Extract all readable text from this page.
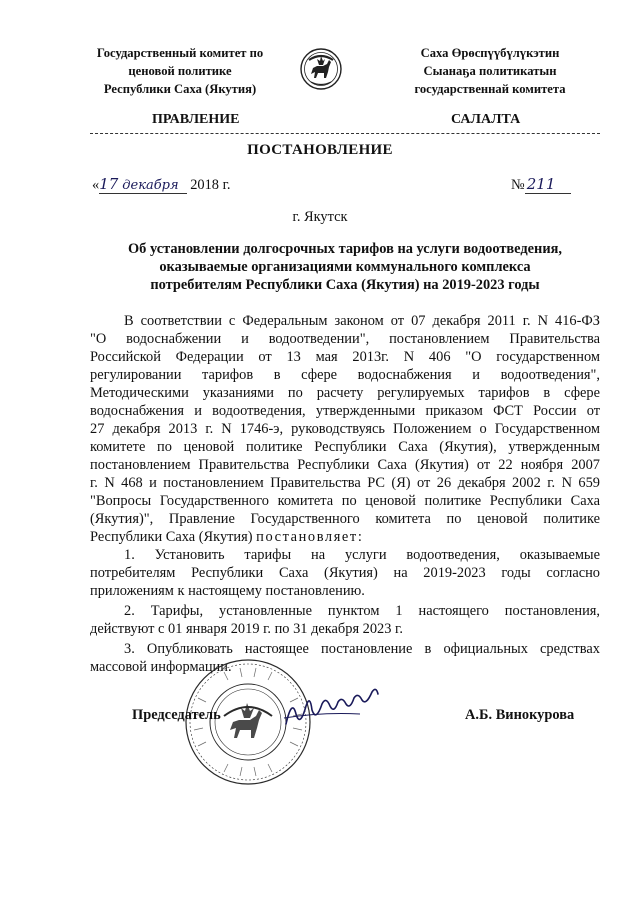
Государственный комитет по
ценовой политике
Республики Саха (Якутия)
Саха Өрөспүүбүлүкэтин
Сыанаҕа политикатын
государственнай комитета
ПРАВЛЕНИЕ	САЛАЛТА
ПОСТАНОВЛЕНИЕ
«17 декабря 2018 г.	№ 211
г. Якутск
Об установлении долгосрочных тарифов на услуги водоотведения,
оказываемые организациями коммунального комплекса
потребителям Республики Саха (Якутия) на 2019-2023 годы
В соответствии с Федеральным законом от 07 декабря 2011 г. N 416-ФЗ
"О водоснабжении и водоотведении", постановлением Правительства
Российской Федерации от 13 мая 2013г. N 406 "О государственном
регулировании тарифов в сфере водоснабжения и водоотведения",
Методическими указаниями по расчету регулируемых тарифов в сфере
водоснабжения и водоотведения, утвержденными приказом ФСТ России от
27 декабря 2013 г. N 1746-э, руководствуясь Положением о Государственном
комитете по ценовой политике Республики Саха (Якутия), утвержденным
постановлением Правительства Республики Саха (Якутия) от 22 ноября 2007
г. N 468 и постановлением Правительства РС (Я) от 26 декабря 2002 г. N 659
"Вопросы Государственного комитета по ценовой политике Республики Саха
(Якутия)", Правление Государственного комитета по ценовой политике
Республики Саха (Якутия) постановляет:
1. Установить тарифы на услуги водоотведения, оказываемые
потребителям Республики Саха (Якутия) на 2019-2023 годы согласно
приложениям к настоящему постановлению.
2. Тарифы, установленные пунктом 1 настоящего постановления,
действуют с 01 января 2019 г. по 31 декабря 2023 г.
3. Опубликовать настоящее постановление в официальных средствах
массовой информации.
Председатель	А.Б. Винокурова
